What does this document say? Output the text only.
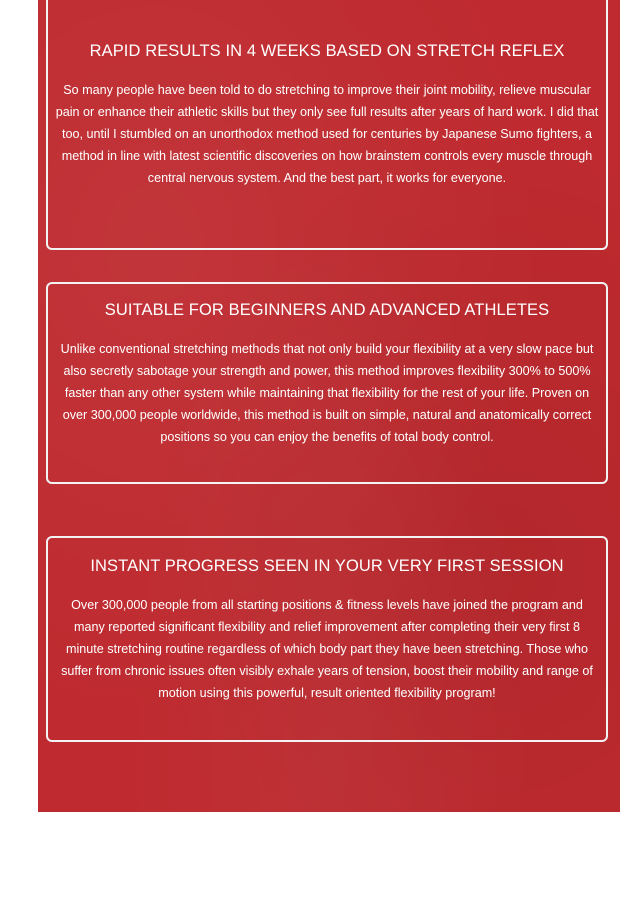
RAPID RESULTS IN 4 WEEKS BASED ON STRETCH REFLEX

So many people have been told to do stretching to improve their joint mobility, relieve muscular pain or enhance their athletic skills but they only see full results after years of hard work. I did that too, until I stumbled on an unorthodox method used for centuries by Japanese Sumo fighters, a method in line with latest scientific discoveries on how brainstem controls every muscle through central nervous system. And the best part, it works for everyone.

SUITABLE FOR BEGINNERS AND ADVANCED ATHLETES

Unlike conventional stretching methods that not only build your flexibility at a very slow pace but also secretly sabotage your strength and power, this method improves flexibility 300% to 500% faster than any other system while maintaining that flexibility for the rest of your life. Proven on over 300,000 people worldwide, this method is built on simple, natural and anatomically correct positions so you can enjoy the benefits of total body control.

INSTANT PROGRESS SEEN IN YOUR VERY FIRST SESSION

Over 300,000 people from all starting positions & fitness levels have joined the program and many reported significant flexibility and relief improvement after completing their very first 8 minute stretching routine regardless of which body part they have been stretching. Those who suffer from chronic issues often visibly exhale years of tension, boost their mobility and range of motion using this powerful, result oriented flexibility program!
